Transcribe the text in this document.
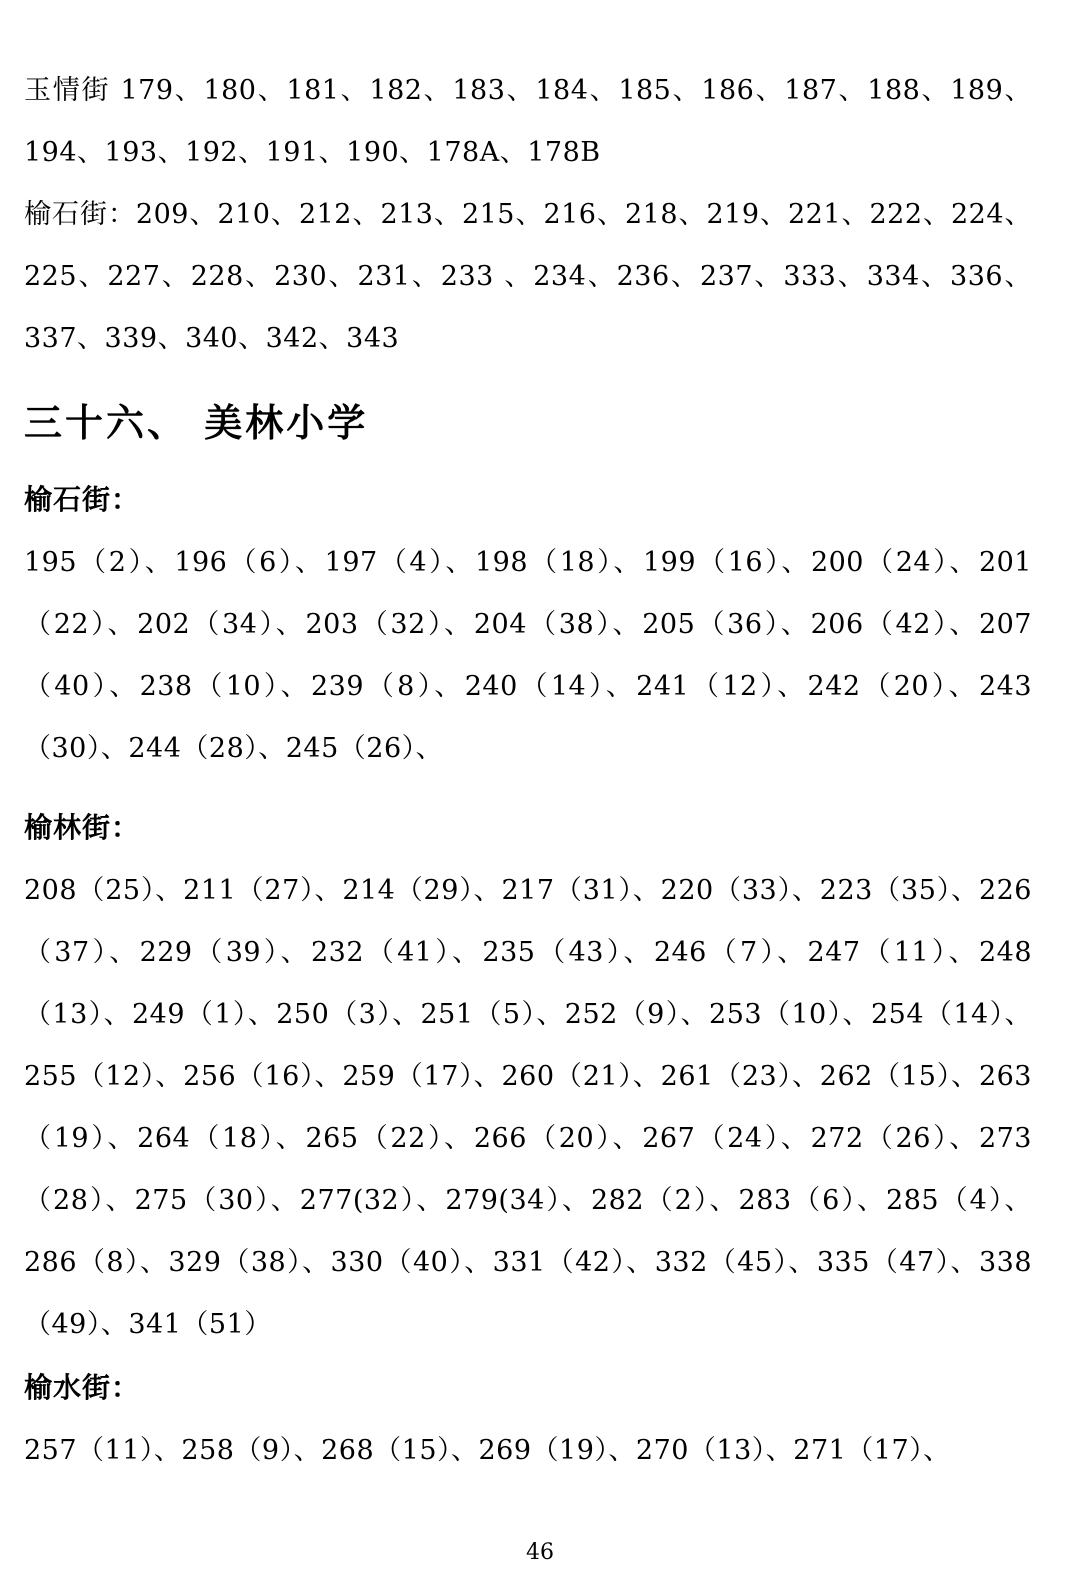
玉情街 179、180、181、182、183、184、185、186、187、188、189、194、193、192、191、190、178A、178B

榆石街：209、210、212、213、215、216、218、219、221、222、224、225、227、228、230、231、233 、234、236、237、333、334、336、337、339、340、342、343

三十六、 美林小学
榆石街：

195（2）、196（6）、197（4）、198（18）、199（16）、200（24）、201（22）、202（34）、203（32）、204（38）、205（36）、206（42）、207（40）、238（10）、239（8）、240（14）、241（12）、242（20）、243（30）、244（28）、245（26）、

榆林街：

208（25）、211（27）、214（29）、217（31）、220（33）、223（35）、226（37）、229（39）、232（41）、235（43）、246（7）、247（11）、248（13）、249（1）、250（3）、251（5）、252（9）、253（10）、254（14）、255（12）、256（16）、259（17）、260（21）、261（23）、262（15）、263（19）、264（18）、265（22）、266（20）、267（24）、272（26）、273（28）、275（30）、277(32）、279(34）、282（2）、283（6）、285（4）、286（8）、329（38）、330（40）、331（42）、332（45）、335（47）、338（49）、341（51）

榆水街：

257（11）、258（9）、268（15）、269（19）、270（13）、271（17）、

46
